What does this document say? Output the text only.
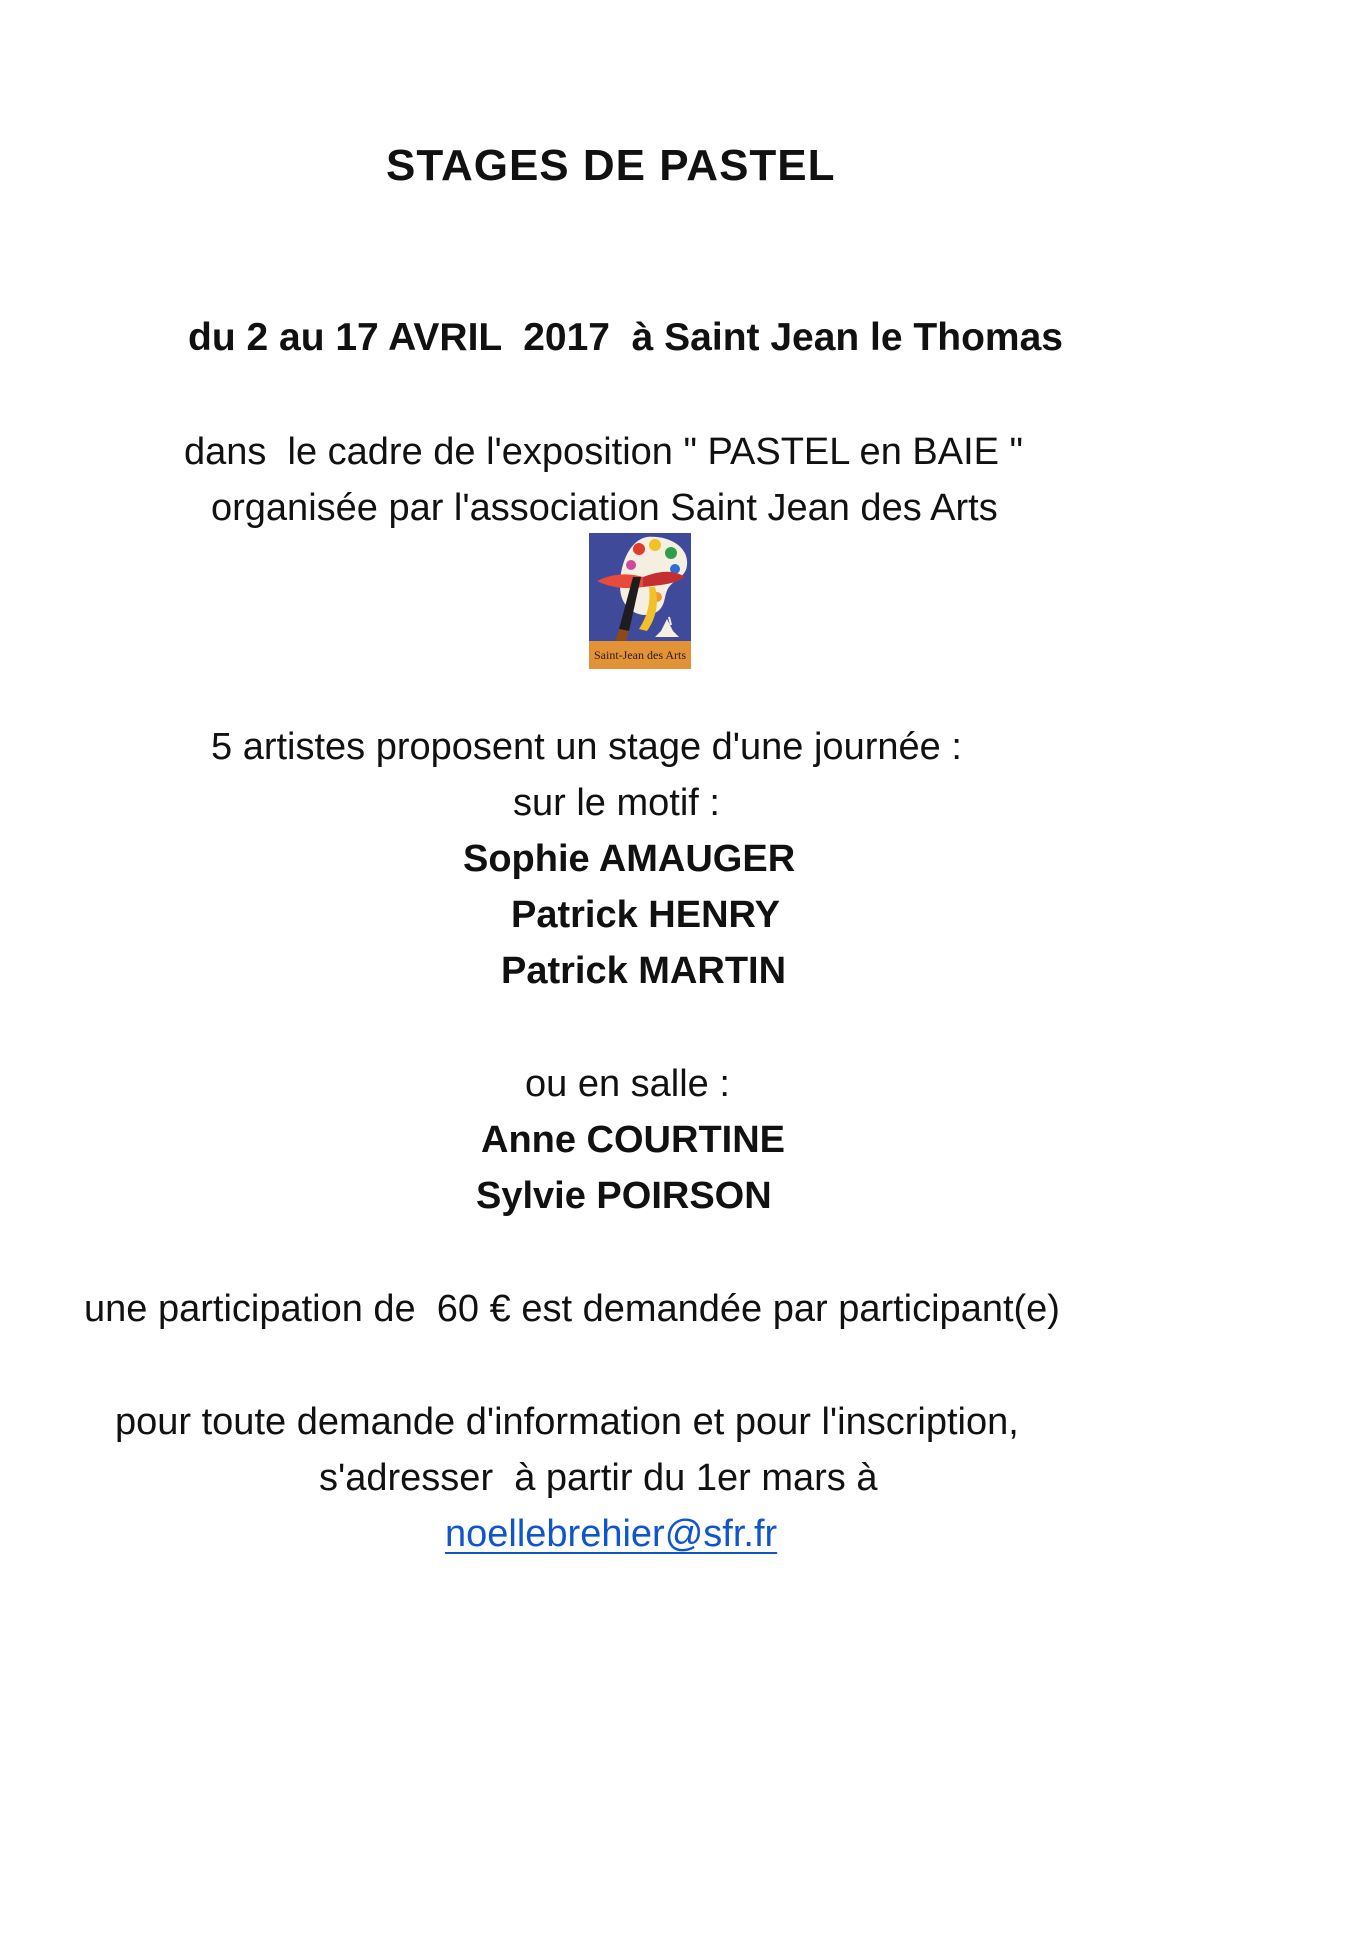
STAGES DE PASTEL
du 2 au 17 AVRIL  2017  à Saint Jean le Thomas
dans  le cadre de l'exposition " PASTEL en BAIE "
organisée par l'association Saint Jean des Arts
Saint-Jean des Arts
5 artistes proposent un stage d'une journée :
sur le motif :
Sophie AMAUGER
Patrick HENRY
Patrick MARTIN
ou en salle :
Anne COURTINE
Sylvie POIRSON
une participation de  60 € est demandée par participant(e)
pour toute demande d'information et pour l'inscription,
s'adresser  à partir du 1er mars à
noellebrehier@sfr.fr
